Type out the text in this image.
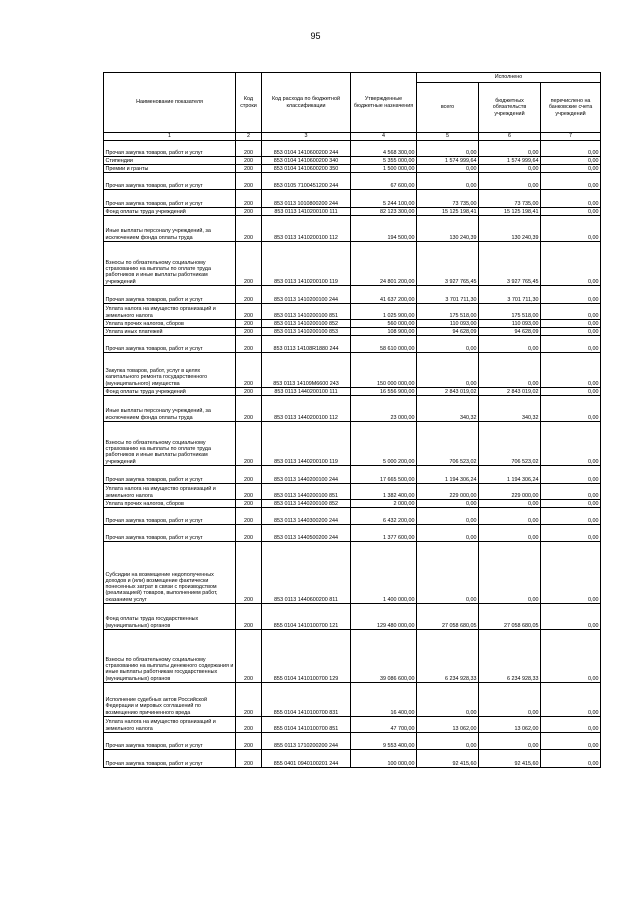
95
Наименование показателя	Код строки	Код расхода по бюджетной классификации	Утвержденные бюджетные назначения	Исполнено		
				всего	бюджетных обязательств учреждений	перечислено на банковские счета учреждений
1	2	3	4	5	6	7
Прочая закупка товаров, работ и услуг	200	853 0104 1410600200 244	4 568 300,00	0,00	0,00	0,00
Стипендии	200	853 0104 1410600200 340	5 355 000,00	1 574 999,64	1 574 999,64	0,00
Премии и гранты	200	853 0104 1410600200 350	1 500 000,00	0,00	0,00	0,00
Прочая закупка товаров, работ и услуг	200	853 0105 7100451200 244	67 600,00	0,00	0,00	0,00
Прочая закупка товаров, работ и услуг	200	853 0113 1010800200 244	5 244 100,00	73 735,00	73 735,00	0,00
Фонд оплаты труда учреждений	200	853 0113 1410200100 111	82 123 300,00	15 125 198,41	15 125 198,41	0,00
Иные выплаты персоналу учреждений, за исключением фонда оплаты труда	200	853 0113 1410200100 112	194 500,00	130 240,39	130 240,39	0,00
Взносы по обязательному социальному страхованию на выплаты по оплате труда работников и иные выплаты работникам учреждений	200	853 0113 1410200100 119	24 801 200,00	3 927 765,45	3 927 765,45	0,00
Прочая закупка товаров, работ и услуг	200	853 0113 1410200100 244	41 637 200,00	3 701 711,30	3 701 711,30	0,00
Уплата налога на имущество организаций и земельного налога	200	853 0113 1410200100 851	1 025 900,00	175 518,00	175 518,00	0,00
Уплата прочих налогов, сборов	200	853 0113 1410200100 852	560 000,00	110 093,00	110 093,00	0,00
Уплата иных платежей	200	853 0113 1410200100 853	108 900,00	94 628,09	94 628,09	0,00
Прочая закупка товаров, работ и услуг	200	853 0113 14108R1880 244	58 610 000,00	0,00	0,00	0,00
Закупка товаров, работ, услуг в целях капитального ремонта государственного (муниципального) имущества	200	853 0113 14109M6600 243	150 000 000,00	0,00	0,00	0,00
Фонд оплаты труда учреждений	200	853 0113 1440200100 111	16 556 900,00	2 843 019,02	2 843 019,02	0,00
Иные выплаты персоналу учреждений, за исключением фонда оплаты труда	200	853 0113 1440200100 112	23 000,00	340,32	340,32	0,00
Взносы по обязательному социальному страхованию на выплаты по оплате труда работников и иные выплаты работникам учреждений	200	853 0113 1440200100 119	5 000 200,00	706 523,02	706 523,02	0,00
Прочая закупка товаров, работ и услуг	200	853 0113 1440200100 244	17 665 500,00	1 194 306,24	1 194 306,24	0,00
Уплата налога на имущество организаций и земельного налога	200	853 0113 1440200100 851	1 382 400,00	229 000,00	229 000,00	0,00
Уплата прочих налогов, сборов	200	853 0113 1440200100 852	2 000,00	0,00	0,00	0,00
Прочая закупка товаров, работ и услуг	200	853 0113 1440300200 244	6 432 200,00	0,00	0,00	0,00
Прочая закупка товаров, работ и услуг	200	853 0113 1440500200 244	1 377 600,00	0,00	0,00	0,00
Субсидии на возмещение недополученных доходов и (или) возмещение фактически понесенных затрат в связи с производством (реализацией) товаров, выполнением работ, оказанием услуг	200	853 0113 1440600200 811	1 400 000,00	0,00	0,00	0,00
Фонд оплаты труда государственных (муниципальных) органов	200	855 0104 1410100700 121	129 480 000,00	27 058 680,05	27 058 680,05	0,00
Взносы по обязательному социальному страхованию на выплаты денежного содержания и иные выплаты работникам государственных (муниципальных) органов	200	855 0104 1410100700 129	39 086 600,00	6 234 928,33	6 234 928,33	0,00
Исполнение судебных актов Российской Федерации и мировых соглашений по возмещению причиненного вреда	200	855 0104 1410100700 831	16 400,00	0,00	0,00	0,00
Уплата налога на имущество организаций и земельного налога	200	855 0104 1410100700 851	47 700,00	13 062,00	13 062,00	0,00
Прочая закупка товаров, работ и услуг	200	855 0113 1710200200 244	9 553 400,00	0,00	0,00	0,00
Прочая закупка товаров, работ и услуг	200	855 0401 0940100201 244	100 000,00	92 415,60	92 415,60	0,00
